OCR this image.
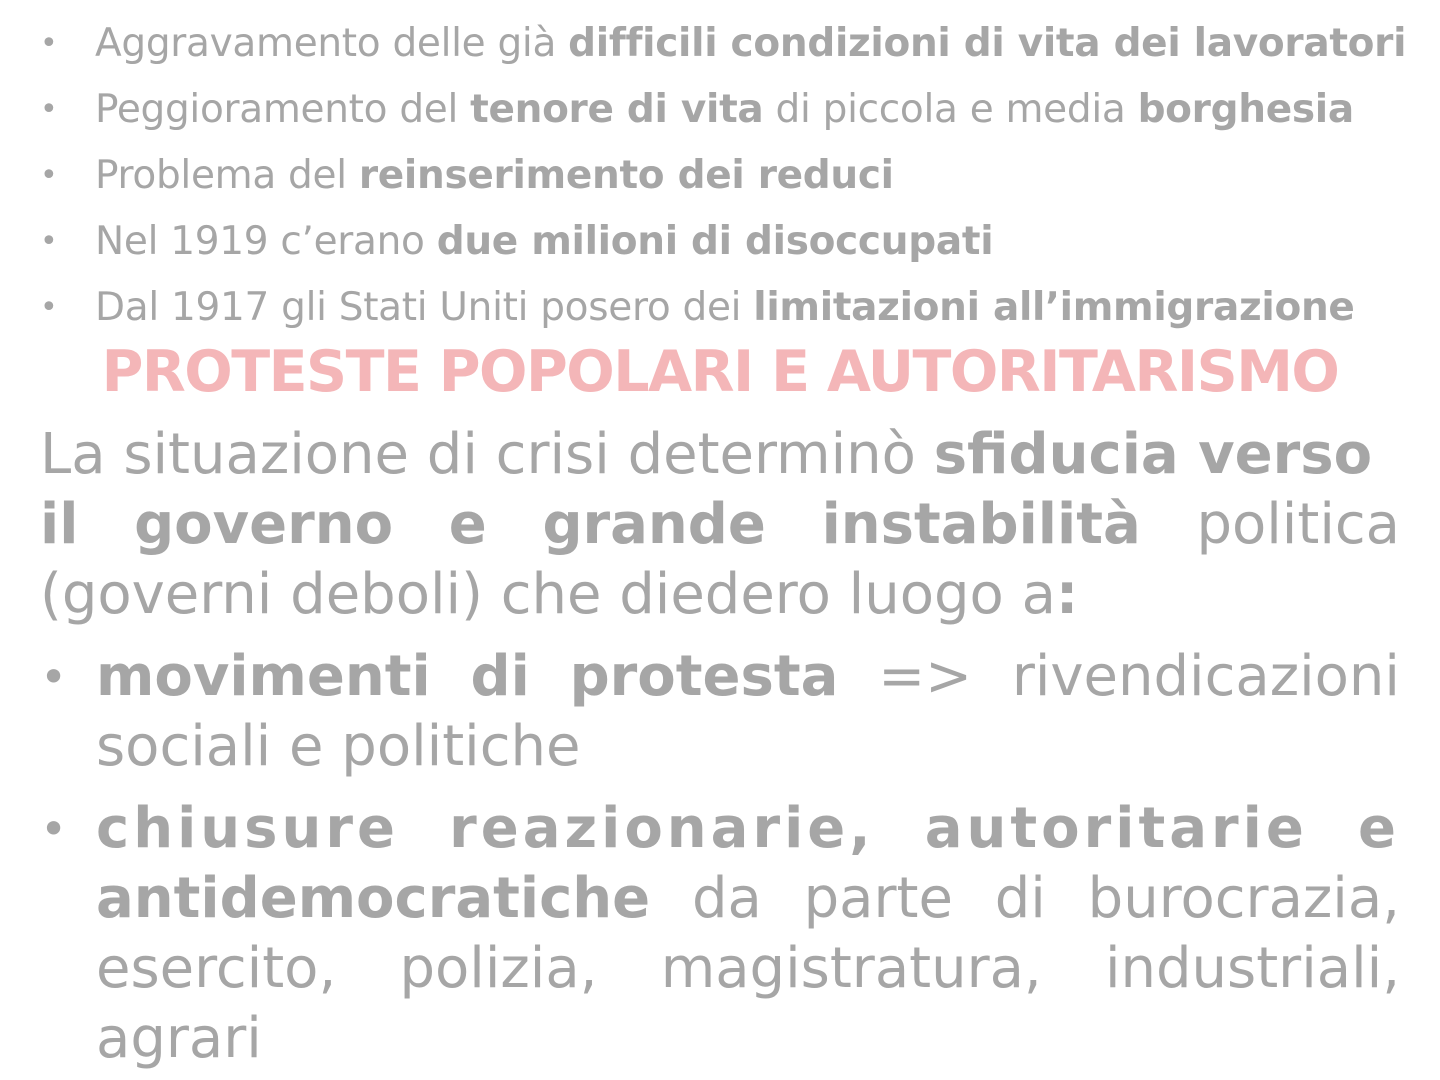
• Aggravamento delle già difficili condizioni di vita dei lavoratori
• Peggioramento del tenore di vita di piccola e media borghesia
• Problema del reinserimento dei reduci
• Nel 1919 c’erano due milioni di disoccupati
• Dal 1917 gli Stati Uniti posero dei limitazioni all’immigrazione
PROTESTE POPOLARI E AUTORITARISMO
La situazione di crisi determinò sfiducia verso
il governo e grande instabilità politica
(governi deboli) che diedero luogo a:
• movimenti di protesta => rivendicazioni
sociali e politiche
• chiusure reazionarie, autoritarie e
antidemocratiche da parte di burocrazia,
esercito, polizia, magistratura, industriali,
agrari
